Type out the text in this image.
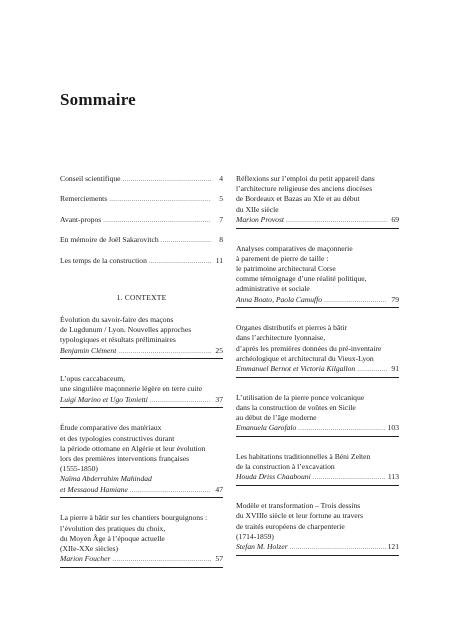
Sommaire
Conseil scientifique .....	4
Remerciements .....	5
Avant-propos .....	7
En mémoire de Joël Sakarovitch .....	8
Les temps de la construction .....	11
1. CONTEXTE
Évolution du savoir-faire des maçons
de Lugdunum / Lyon. Nouvelles approches
typologiques et résultats préliminaires
Benjamin Clément .....	25
L’opus caccabaceum,
une singulière maçonnerie légère en terre cuite
Luigi Marino et Ugo Tonietti .....	37
Étude comparative des matériaux
et des typologies constructives durant
la période ottomane en Algérie et leur évolution
lors des premières interventions françaises
(1555-1850)
Naïma Abderrahim Mahindad
et Messaoud Hamiane .....	47
La pierre à bâtir sur les chantiers bourguignons :
l’évolution des pratiques du choix,
du Moyen Âge à l’époque actuelle
(XIIe-XXe siècles)
Marion Foucher .....	57
Réflexions sur l’emploi du petit appareil dans
l’architecture religieuse des anciens diocèses
de Bordeaux et Bazas au XIe et au début
du XIIe siècle
Marion Provost .....	69
Analyses comparatives de maçonnerie
à parement de pierre de taille :
le patrimoine architectural Corse
comme témoignage d’une réalité politique,
administrative et sociale
Anna Boato, Paola Camuffo .....	79
Organes distributifs et pierres à bâtir
dans l’architecture lyonnaise,
d’après les premières données du pré-inventaire
archéologique et architectural du Vieux-Lyon
Emmanuel Bernot et Victoria Kilgallon .....	91
L’utilisation de la pierre ponce volcanique
dans la construction de voûtes en Sicile
au début de l’âge moderne
Emanuela Garofalo .....	103
Les habitations traditionnelles à Béni Zelten
de la construction à l’excavation
Houda Driss Chaabouni .....	113
Modèle et transformation – Trois dessins
du XVIIIe siècle et leur fortune au travers
de traités européens de charpenterie
(1714-1859)
Stefan M. Holzer .....	121
